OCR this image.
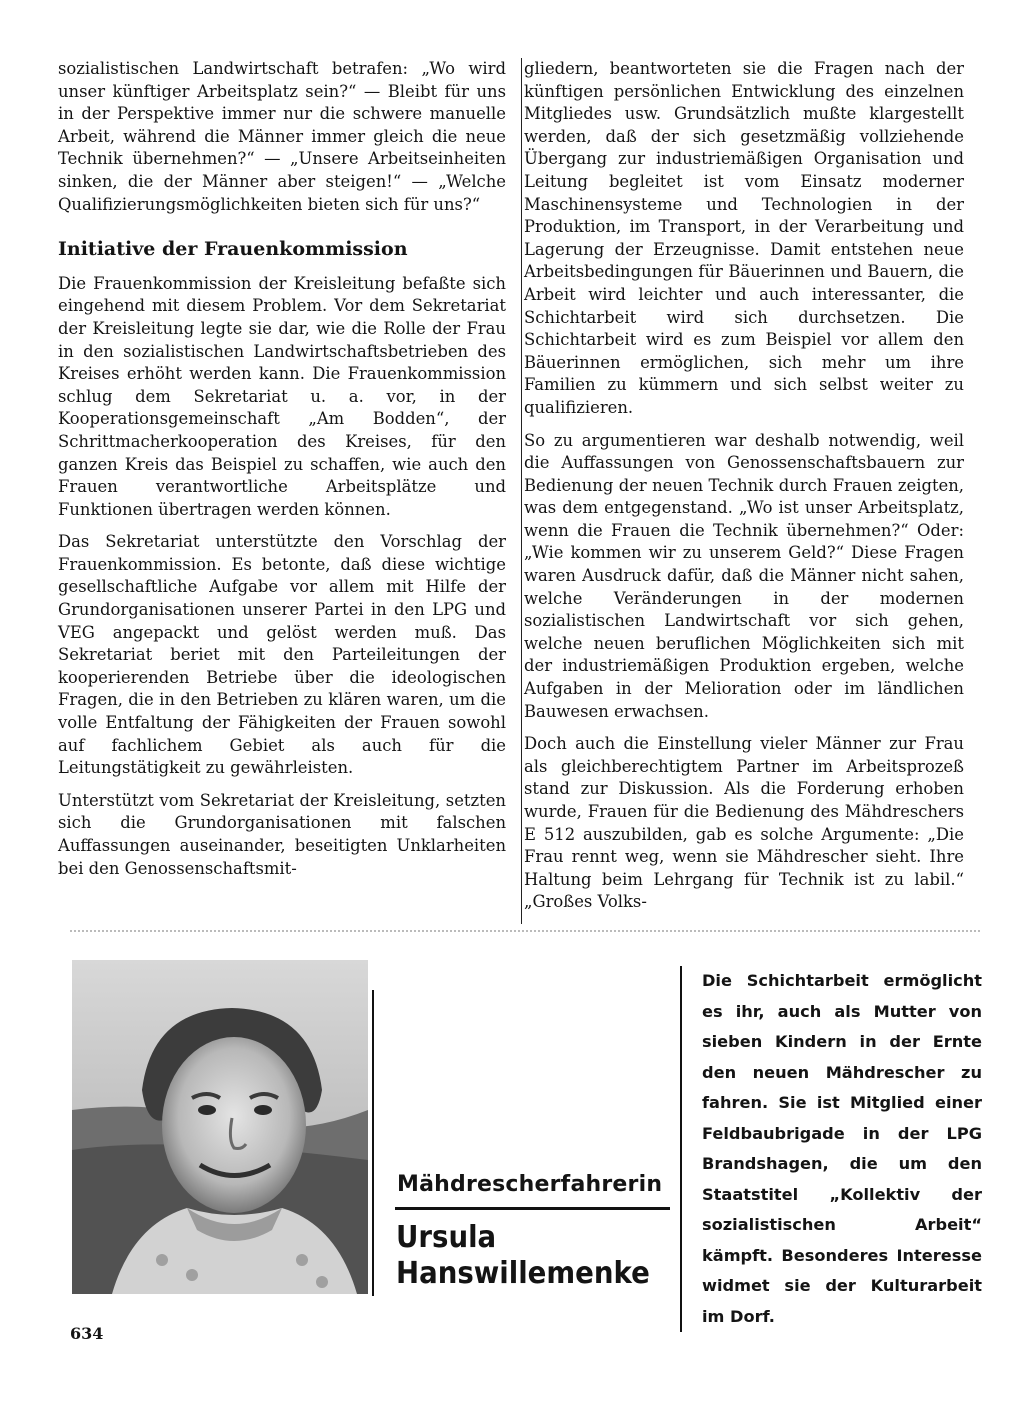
sozialistischen Landwirtschaft betrafen: „Wo wird unser künftiger Arbeitsplatz sein?“ — Bleibt für uns in der Perspektive immer nur die schwere manuelle Arbeit, während die Männer immer gleich die neue Technik übernehmen?“ — „Unsere Arbeitseinheiten sinken, die der Männer aber steigen!“ — „Welche Qualifizierungsmöglichkeiten bieten sich für uns?“

Initiative der Frauenkommission

Die Frauenkommission der Kreisleitung befaßte sich eingehend mit diesem Problem. Vor dem Sekretariat der Kreisleitung legte sie dar, wie die Rolle der Frau in den sozialistischen Landwirtschaftsbetrieben des Kreises erhöht werden kann. Die Frauenkommission schlug dem Sekretariat u. a. vor, in der Kooperationsgemeinschaft „Am Bodden“, der Schrittmacherkooperation des Kreises, für den ganzen Kreis das Beispiel zu schaffen, wie auch den Frauen verantwortliche Arbeitsplätze und Funktionen übertragen werden können.

Das Sekretariat unterstützte den Vorschlag der Frauenkommission. Es betonte, daß diese wichtige gesellschaftliche Aufgabe vor allem mit Hilfe der Grundorganisationen unserer Partei in den LPG und VEG angepackt und gelöst werden muß. Das Sekretariat beriet mit den Parteileitungen der kooperierenden Betriebe über die ideologischen Fragen, die in den Betrieben zu klären waren, um die volle Entfaltung der Fähigkeiten der Frauen sowohl auf fachlichem Gebiet als auch für die Leitungstätigkeit zu gewährleisten.

Unterstützt vom Sekretariat der Kreisleitung, setzten sich die Grundorganisationen mit falschen Auffassungen auseinander, beseitigten Unklarheiten bei den Genossenschaftsmit-

gliedern, beantworteten sie die Fragen nach der künftigen persönlichen Entwicklung des einzelnen Mitgliedes usw. Grundsätzlich mußte klargestellt werden, daß der sich gesetzmäßig vollziehende Übergang zur industriemäßigen Organisation und Leitung begleitet ist vom Einsatz moderner Maschinensysteme und Technologien in der Produktion, im Transport, in der Verarbeitung und Lagerung der Erzeugnisse. Damit entstehen neue Arbeitsbedingungen für Bäuerinnen und Bauern, die Arbeit wird leichter und auch interessanter, die Schichtarbeit wird sich durchsetzen. Die Schichtarbeit wird es zum Beispiel vor allem den Bäuerinnen ermöglichen, sich mehr um ihre Familien zu kümmern und sich selbst weiter zu qualifizieren.

So zu argumentieren war deshalb notwendig, weil die Auffassungen von Genossenschaftsbauern zur Bedienung der neuen Technik durch Frauen zeigten, was dem entgegenstand. „Wo ist unser Arbeitsplatz, wenn die Frauen die Technik übernehmen?“ Oder: „Wie kommen wir zu unserem Geld?“ Diese Fragen waren Ausdruck dafür, daß die Männer nicht sahen, welche Veränderungen in der modernen sozialistischen Landwirtschaft vor sich gehen, welche neuen beruflichen Möglichkeiten sich mit der industriemäßigen Produktion ergeben, welche Aufgaben in der Melioration oder im ländlichen Bauwesen erwachsen.

Doch auch die Einstellung vieler Männer zur Frau als gleichberechtigtem Partner im Arbeitsprozeß stand zur Diskussion. Als die Forderung erhoben wurde, Frauen für die Bedienung des Mähdreschers E 512 auszubilden, gab es solche Argumente: „Die Frau rennt weg, wenn sie Mähdrescher sieht. Ihre Haltung beim Lehrgang für Technik ist zu labil.“ „Großes Volks-

Mähdrescherfahrerin
Ursula
Hanswillemenke
Die Schichtarbeit ermöglicht es ihr, auch als Mutter von sieben Kindern in der Ernte den neuen Mähdrescher zu fahren. Sie ist Mitglied einer Feldbaubrigade in der LPG Brandshagen, die um den Staatstitel „Kollektiv der sozialistischen Arbeit“ kämpft. Besonderes Interesse widmet sie der Kulturarbeit im Dorf.
634
